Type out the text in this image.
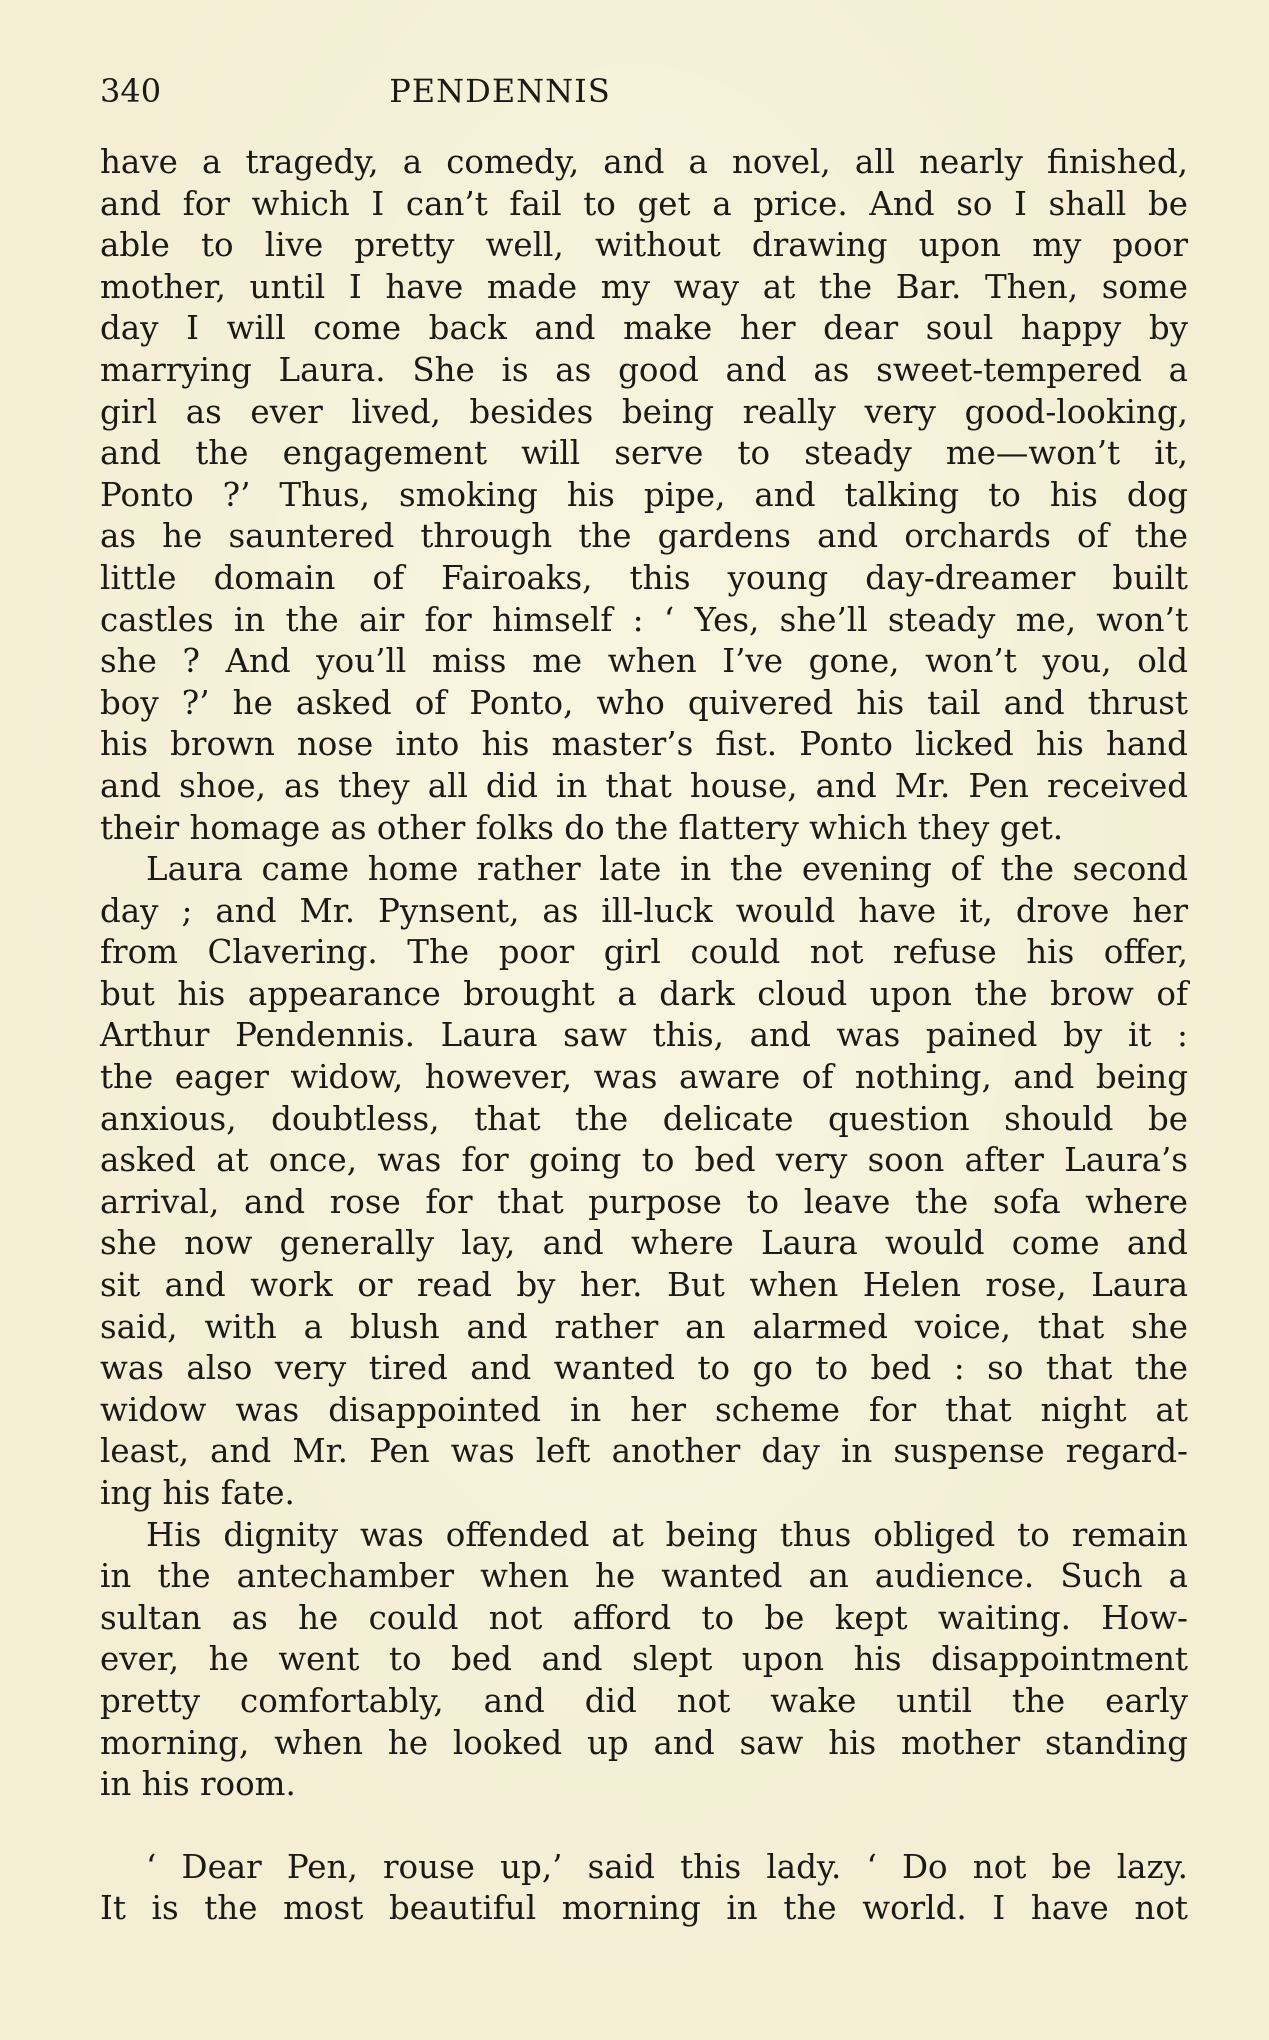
340	PENDENNIS
have a tragedy, a comedy, and a novel, all nearly finished,
and for which I can’t fail to get a price. And so I shall be
able to live pretty well, without drawing upon my poor
mother, until I have made my way at the Bar. Then, some
day I will come back and make her dear soul happy by
marrying Laura. She is as good and as sweet-tempered a
girl as ever lived, besides being really very good-looking,
and the engagement will serve to steady me—won’t it,
Ponto ?’ Thus, smoking his pipe, and talking to his dog
as he sauntered through the gardens and orchards of the
little domain of Fairoaks, this young day-dreamer built
castles in the air for himself : ‘ Yes, she’ll steady me, won’t
she ? And you’ll miss me when I’ve gone, won’t you, old
boy ?’ he asked of Ponto, who quivered his tail and thrust
his brown nose into his master’s fist. Ponto licked his hand
and shoe, as they all did in that house, and Mr. Pen received
their homage as other folks do the flattery which they get.
Laura came home rather late in the evening of the second
day ; and Mr. Pynsent, as ill-luck would have it, drove her
from Clavering. The poor girl could not refuse his offer,
but his appearance brought a dark cloud upon the brow of
Arthur Pendennis. Laura saw this, and was pained by it :
the eager widow, however, was aware of nothing, and being
anxious, doubtless, that the delicate question should be
asked at once, was for going to bed very soon after Laura’s
arrival, and rose for that purpose to leave the sofa where
she now generally lay, and where Laura would come and
sit and work or read by her. But when Helen rose, Laura
said, with a blush and rather an alarmed voice, that she
was also very tired and wanted to go to bed : so that the
widow was disappointed in her scheme for that night at
least, and Mr. Pen was left another day in suspense regard-
ing his fate.
His dignity was offended at being thus obliged to remain
in the antechamber when he wanted an audience. Such a
sultan as he could not afford to be kept waiting. How-
ever, he went to bed and slept upon his disappointment
pretty comfortably, and did not wake until the early
morning, when he looked up and saw his mother standing
in his room.
‘ Dear Pen, rouse up,’ said this lady. ‘ Do not be lazy.
It is the most beautiful morning in the world. I have not
